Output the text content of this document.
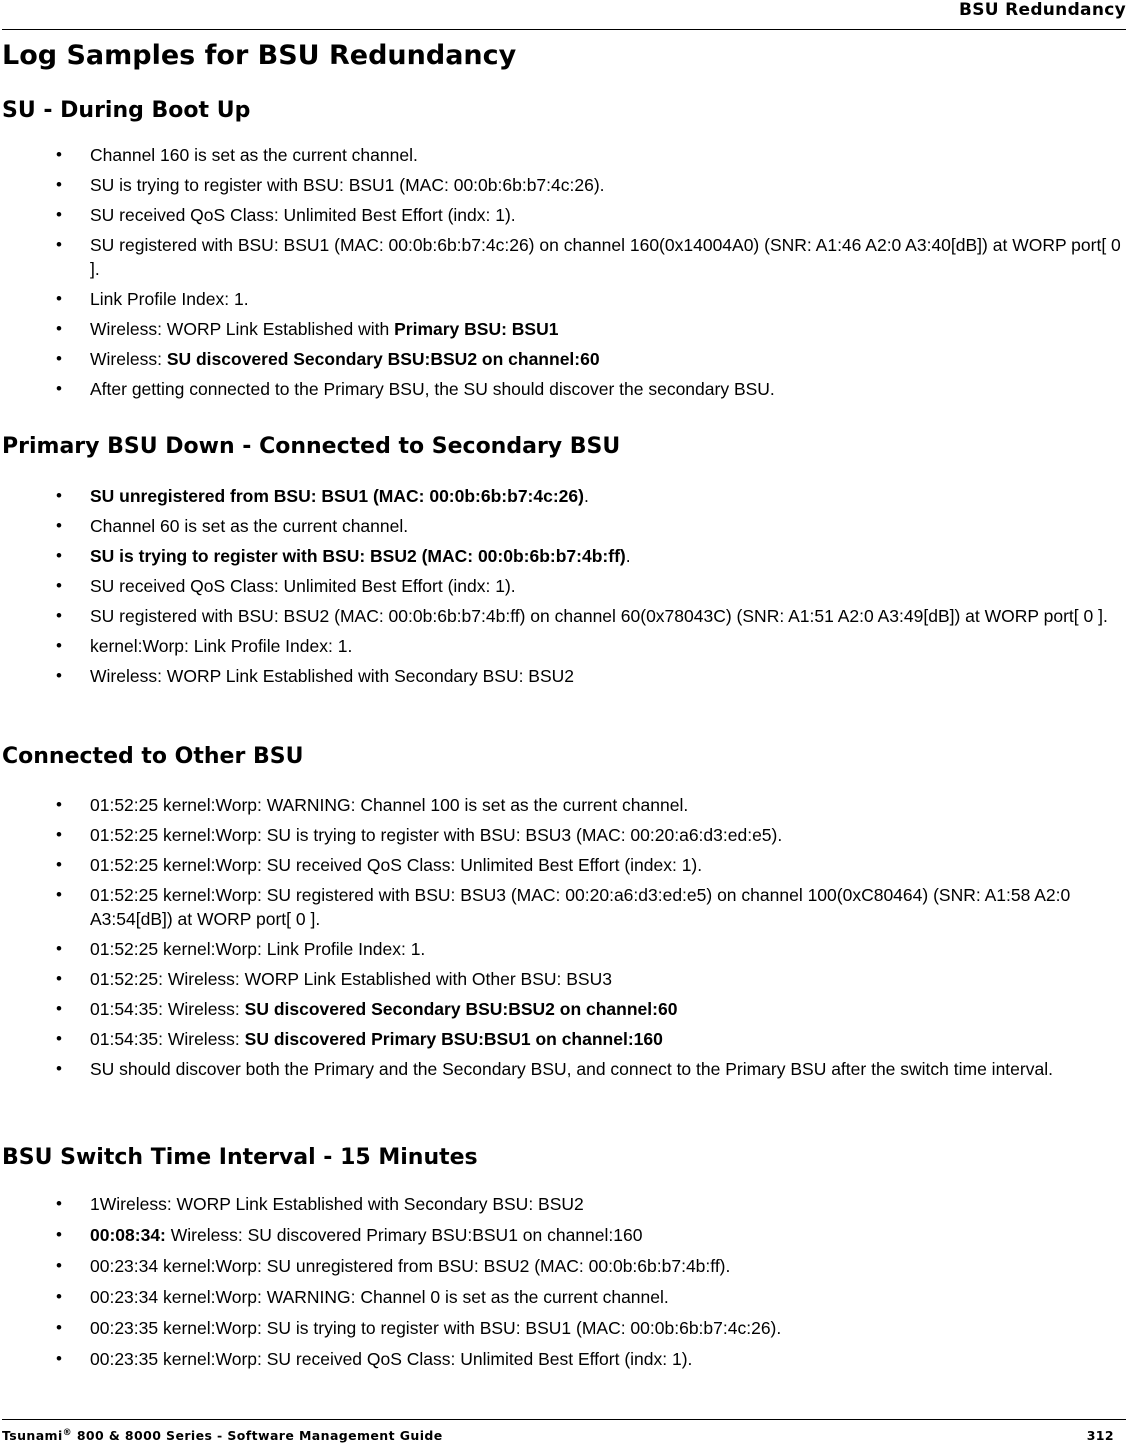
BSU Redundancy
Log Samples for BSU Redundancy
SU - During Boot Up
• Channel 160 is set as the current channel.
• SU is trying to register with BSU: BSU1 (MAC: 00:0b:6b:b7:4c:26).
• SU received QoS Class: Unlimited Best Effort (indx: 1).
• SU registered with BSU: BSU1 (MAC: 00:0b:6b:b7:4c:26) on channel 160(0x14004A0) (SNR: A1:46 A2:0 A3:40[dB]) at WORP port[ 0 ].
• Link Profile Index: 1.
• Wireless: WORP Link Established with Primary BSU: BSU1
• Wireless: SU discovered Secondary BSU:BSU2 on channel:60
• After getting connected to the Primary BSU, the SU should discover the secondary BSU.
Primary BSU Down - Connected to Secondary BSU
• SU unregistered from BSU: BSU1 (MAC: 00:0b:6b:b7:4c:26).
• Channel 60 is set as the current channel.
• SU is trying to register with BSU: BSU2 (MAC: 00:0b:6b:b7:4b:ff).
• SU received QoS Class: Unlimited Best Effort (indx: 1).
• SU registered with BSU: BSU2 (MAC: 00:0b:6b:b7:4b:ff) on channel 60(0x78043C) (SNR: A1:51 A2:0 A3:49[dB]) at WORP port[ 0 ].
• kernel:Worp: Link Profile Index: 1.
• Wireless: WORP Link Established with Secondary BSU: BSU2
Connected to Other BSU
• 01:52:25 kernel:Worp: WARNING: Channel 100 is set as the current channel.
• 01:52:25 kernel:Worp: SU is trying to register with BSU: BSU3 (MAC: 00:20:a6:d3:ed:e5).
• 01:52:25 kernel:Worp: SU received QoS Class: Unlimited Best Effort (index: 1).
• 01:52:25 kernel:Worp: SU registered with BSU: BSU3 (MAC: 00:20:a6:d3:ed:e5) on channel 100(0xC80464) (SNR: A1:58 A2:0 A3:54[dB]) at WORP port[ 0 ].
• 01:52:25 kernel:Worp: Link Profile Index: 1.
• 01:52:25: Wireless: WORP Link Established with Other BSU: BSU3
• 01:54:35: Wireless: SU discovered Secondary BSU:BSU2 on channel:60
• 01:54:35: Wireless: SU discovered Primary BSU:BSU1 on channel:160
• SU should discover both the Primary and the Secondary BSU, and connect to the Primary BSU after the switch time interval.
BSU Switch Time Interval - 15 Minutes
• 1Wireless: WORP Link Established with Secondary BSU: BSU2
• 00:08:34: Wireless: SU discovered Primary BSU:BSU1 on channel:160
• 00:23:34 kernel:Worp: SU unregistered from BSU: BSU2 (MAC: 00:0b:6b:b7:4b:ff).
• 00:23:34 kernel:Worp: WARNING: Channel 0 is set as the current channel.
• 00:23:35 kernel:Worp: SU is trying to register with BSU: BSU1 (MAC: 00:0b:6b:b7:4c:26).
• 00:23:35 kernel:Worp: SU received QoS Class: Unlimited Best Effort (indx: 1).
Tsunami® 800 & 8000 Series - Software Management Guide	312
